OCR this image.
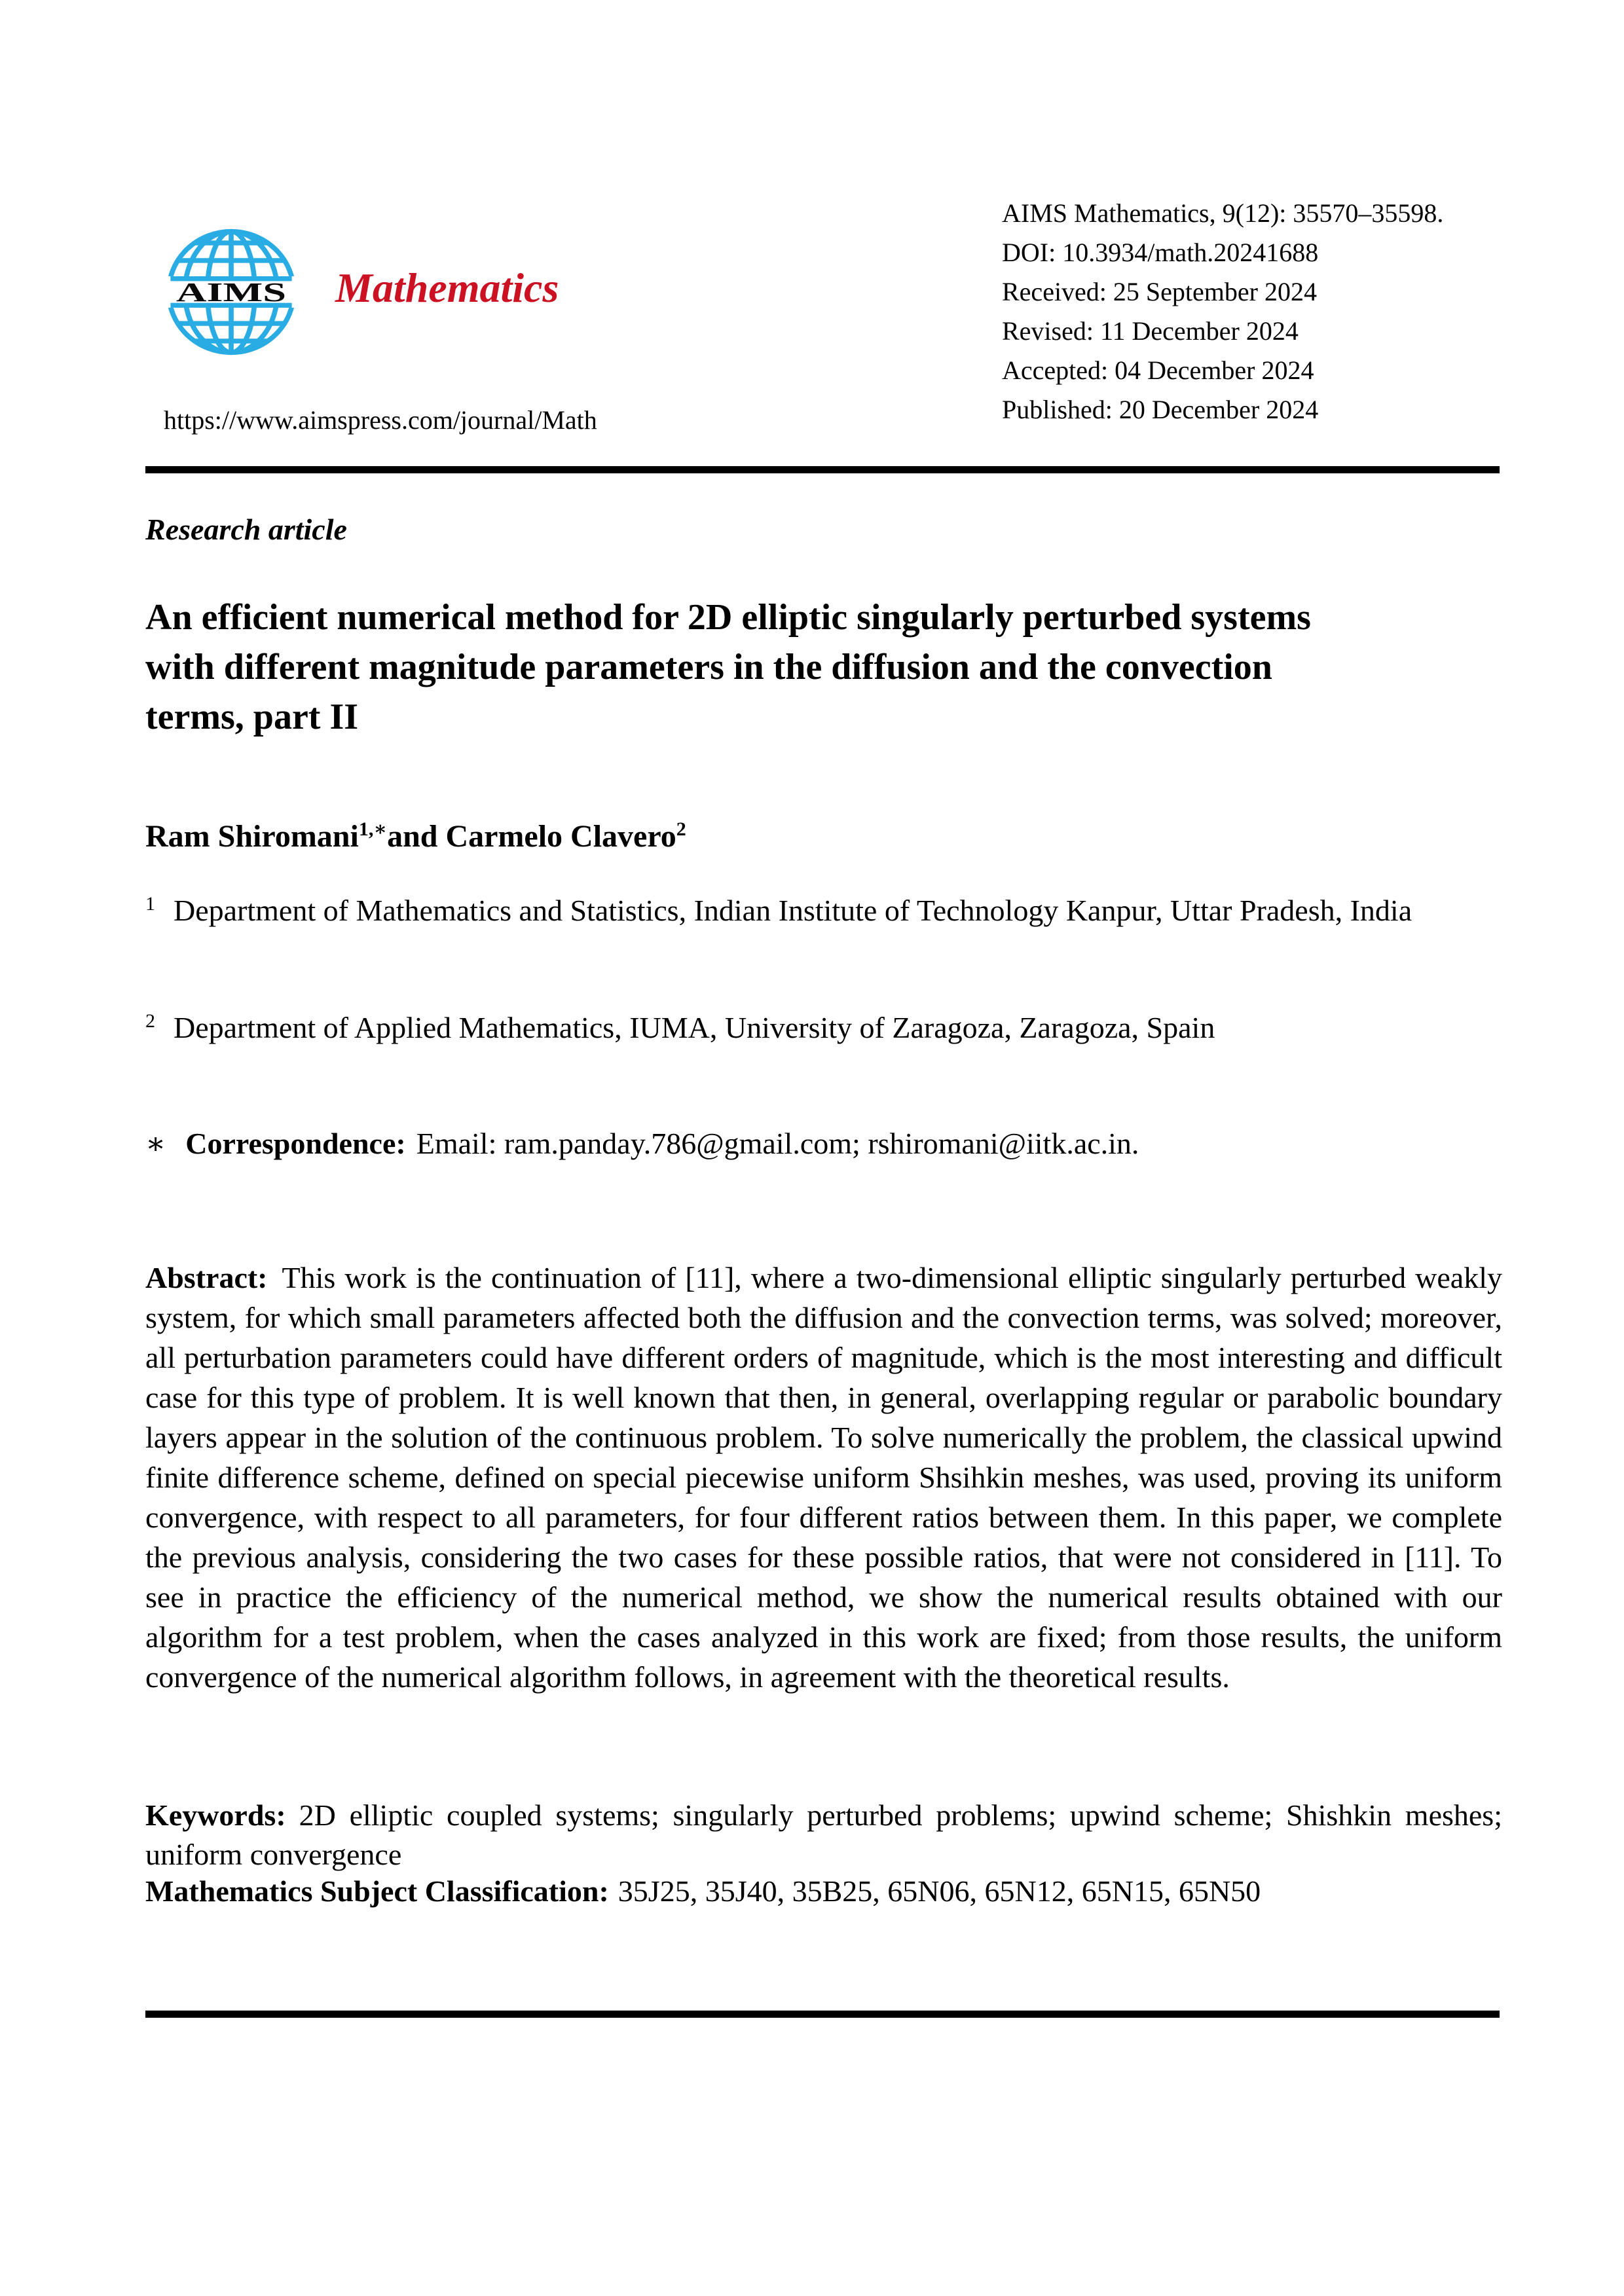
AIMS Mathematics
https://www.aimspress.com/journal/Math
AIMS Mathematics, 9(12): 35570–35598.
DOI: 10.3934/math.20241688
Received: 25 September 2024
Revised: 11 December 2024
Accepted: 04 December 2024
Published: 20 December 2024
Research article
An efficient numerical method for 2D elliptic singularly perturbed systems
with different magnitude parameters in the diffusion and the convection
terms, part II
Ram Shiromani$^{1,∗}$and Carmelo Clavero$^2$
$^1$ Department of Mathematics and Statistics, Indian Institute of Technology Kanpur, Uttar Pradesh, India
$^2$ Department of Applied Mathematics, IUMA, University of Zaragoza, Zaragoza, Spain
∗ Correspondence: Email: ram.panday.786@gmail.com; rshiromani@iitk.ac.in.

Abstract: This work is the continuation of [11], where a two-dimensional elliptic singularly perturbed weakly system, for which small parameters affected both the diffusion and the convection terms, was solved; moreover, all perturbation parameters could have different orders of magnitude, which is the most interesting and difficult case for this type of problem. It is well known that then, in general, overlapping regular or parabolic boundary layers appear in the solution of the continuous problem. To solve numerically the problem, the classical upwind finite difference scheme, defined on special piecewise uniform Shsihkin meshes, was used, proving its uniform convergence, with respect to all parameters, for four different ratios between them. In this paper, we complete the previous analysis, considering the two cases for these possible ratios, that were not considered in [11]. To see in practice the efficiency of the numerical method, we show the numerical results obtained with our algorithm for a test problem, when the cases analyzed in this work are fixed; from those results, the uniform convergence of the numerical algorithm follows, in agreement with the theoretical results.

Keywords: 2D elliptic coupled systems; singularly perturbed problems; upwind scheme; Shishkin meshes; uniform convergence

Mathematics Subject Classification: 35J25, 35J40, 35B25, 65N06, 65N12, 65N15, 65N50
